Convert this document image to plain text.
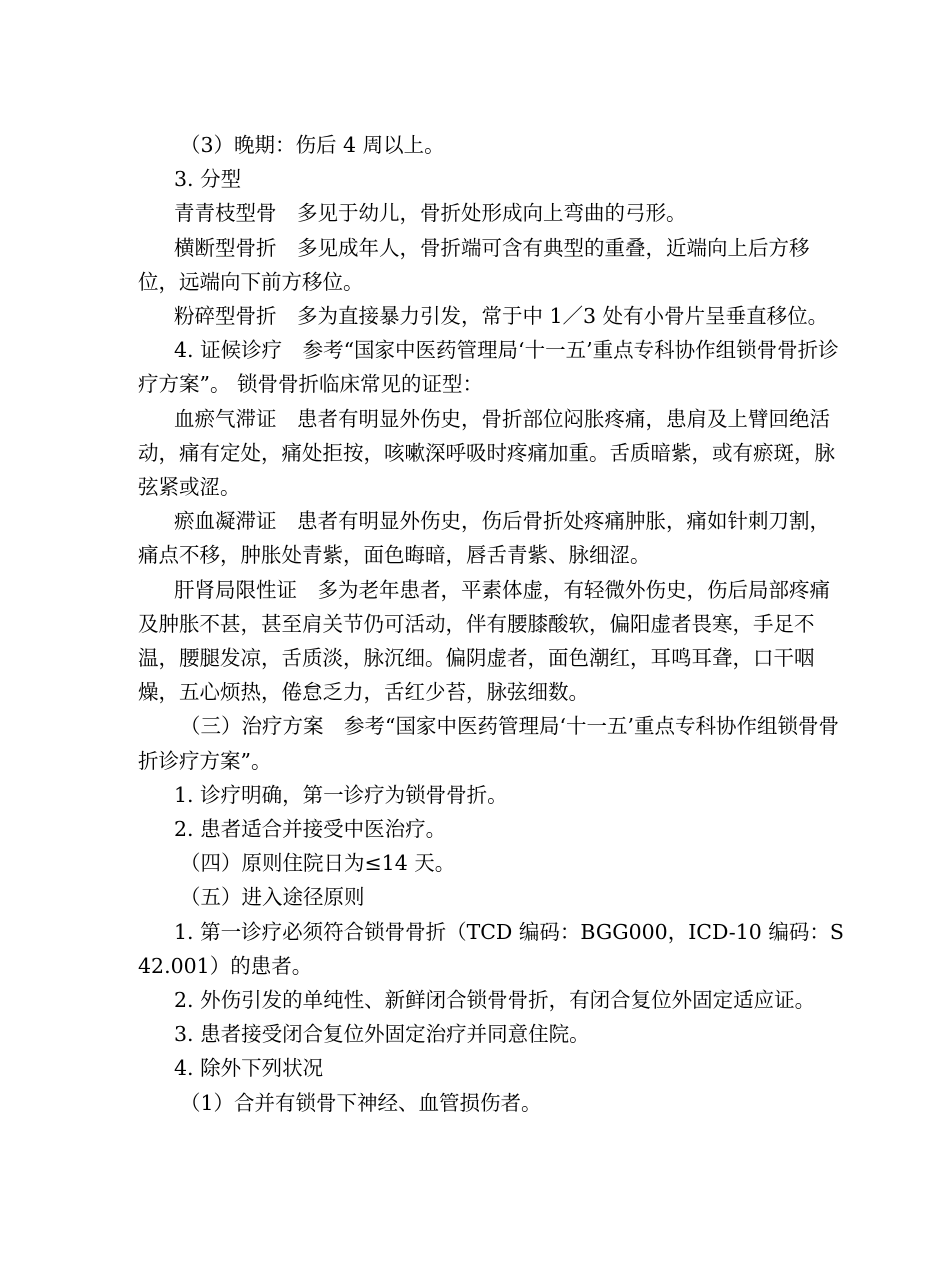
（3）晚期：伤后 4 周以上。

3. 分型

青青枝型骨　多见于幼儿，骨折处形成向上弯曲的弓形。

横断型骨折　多见成年人，骨折端可含有典型的重叠，近端向上后方移位，远端向下前方移位。

粉碎型骨折　多为直接暴力引发，常于中 1／3 处有小骨片呈垂直移位。

4. 证候诊疗　参考“国家中医药管理局‘十一五’重点专科协作组锁骨骨折诊疗方案”。 锁骨骨折临床常见的证型：

血瘀气滞证　患者有明显外伤史，骨折部位闷胀疼痛，患肩及上臂回绝活动，痛有定处，痛处拒按，咳嗽深呼吸时疼痛加重。舌质暗紫，或有瘀斑，脉弦紧或涩。

瘀血凝滞证　患者有明显外伤史，伤后骨折处疼痛肿胀，痛如针刺刀割，痛点不移，肿胀处青紫，面色晦暗，唇舌青紫、脉细涩。

肝肾局限性证　多为老年患者，平素体虚，有轻微外伤史，伤后局部疼痛及肿胀不甚，甚至肩关节仍可活动，伴有腰膝酸软，偏阳虚者畏寒，手足不温，腰腿发凉，舌质淡，脉沉细。偏阴虚者，面色潮红，耳鸣耳聋，口干咽燥，五心烦热，倦怠乏力，舌红少苔，脉弦细数。

（三）治疗方案　参考“国家中医药管理局‘十一五’重点专科协作组锁骨骨折诊疗方案”。

1. 诊疗明确，第一诊疗为锁骨骨折。

2. 患者适合并接受中医治疗。

（四）原则住院日为≤14 天。

（五）进入途径原则

1. 第一诊疗必须符合锁骨骨折（TCD 编码：BGG000，ICD-10 编码：S42.001）的患者。

2. 外伤引发的单纯性、新鲜闭合锁骨骨折，有闭合复位外固定适应证。

3. 患者接受闭合复位外固定治疗并同意住院。

4. 除外下列状况

（1）合并有锁骨下神经、血管损伤者。
